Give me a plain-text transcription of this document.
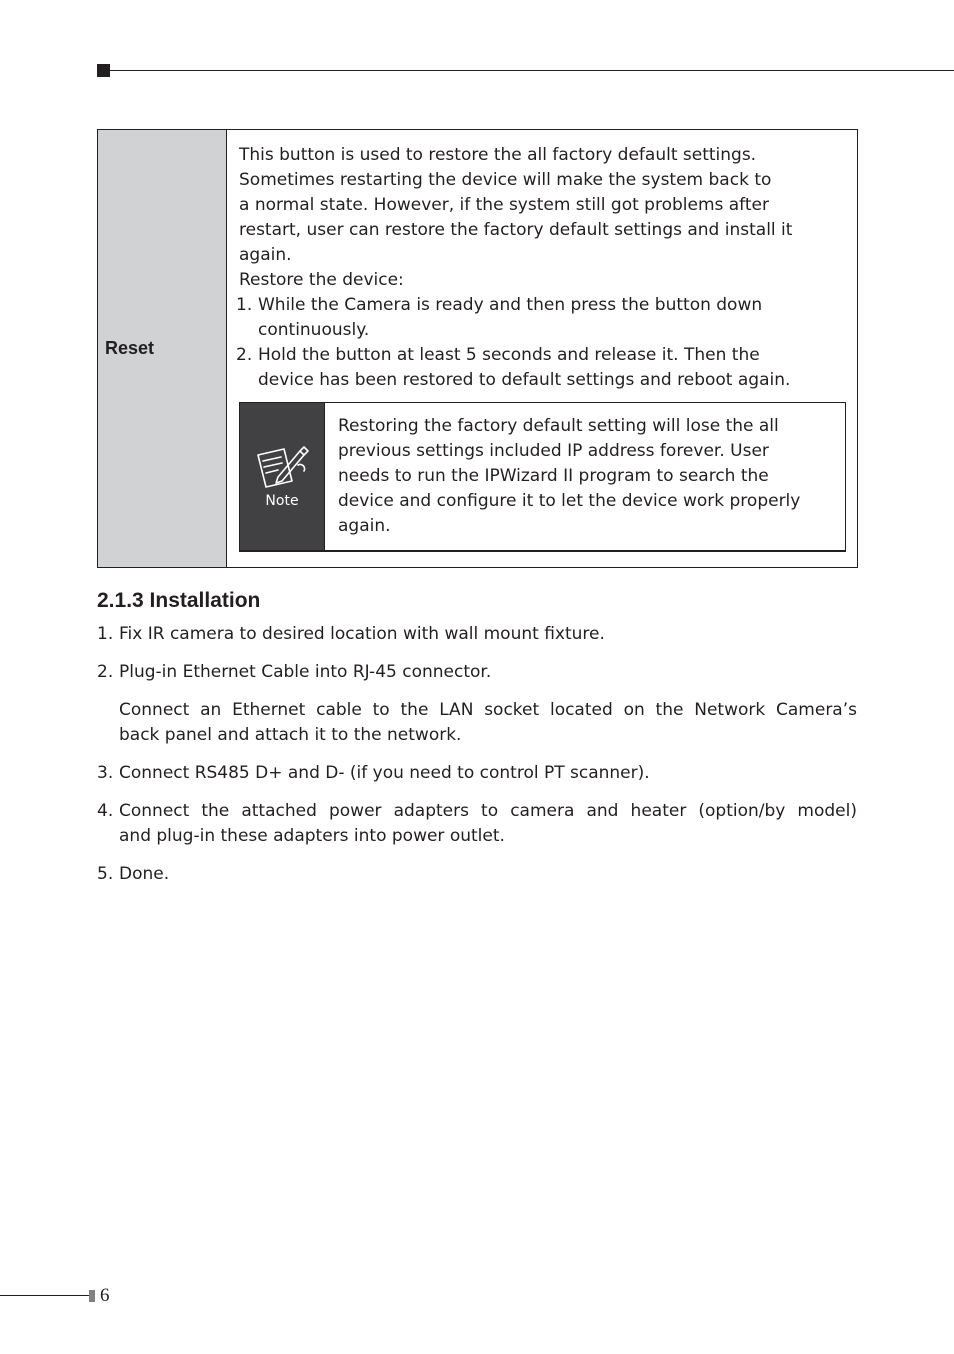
Reset
This button is used to restore the all factory default settings.
Sometimes restarting the device will make the system back to
a normal state. However, if the system still got problems after
restart, user can restore the factory default settings and install it
again.
Restore the device:
1. While the Camera is ready and then press the button down
continuously.
2. Hold the button at least 5 seconds and release it. Then the
device has been restored to default settings and reboot again.
Note
Restoring the factory default setting will lose the all
previous settings included IP address forever. User
needs to run the IPWizard II program to search the
device and configure it to let the device work properly
again.
2.1.3 Installation
1. Fix IR camera to desired location with wall mount fixture.
2. Plug-in Ethernet Cable into RJ-45 connector.
Connect an Ethernet cable to the LAN socket located on the Network Camera’s
back panel and attach it to the network.
3. Connect RS485 D+ and D- (if you need to control PT scanner).
4. Connect the attached power adapters to camera and heater (option/by model)
and plug-in these adapters into power outlet.
5. Done.
6
